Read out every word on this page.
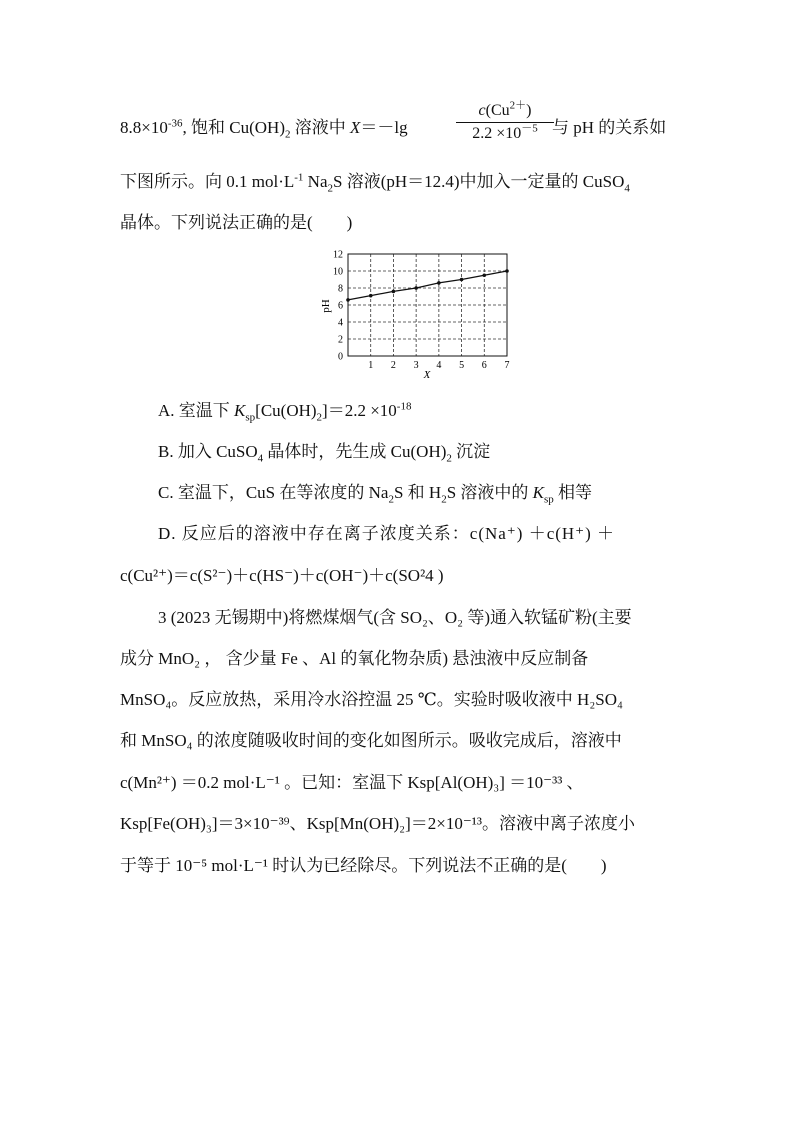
$8.8\times 10^{-36}$, 饱和 $Cu(OH)_2$ 溶液中 X＝－lg
$c(Cu^{2+})$
$2.2 \times 10^{-5}$ 与 pH 的关系如
下图所示。向 0.1 $mol\cdot L^{-1}$ $Na_2S$ 溶液(pH＝12.4)中加入一定量的 CuSO$_4$
晶体。下列说法正确的是(　　)
1 2 3 4 5 6 7
0
2
4
6
8
10
12
X
pH
A. 室温下 $K_{sp}[Cu(OH)_2]=2.2 \times 10^{-18}$
B. 加入 CuSO$_4$ 晶体时，先生成 $Cu(OH)_2$ 沉淀
C. 室温下，CuS 在等浓度的 $Na_2S$ 和 $H_2S$ 溶液中的 $K_{sp}$ 相等
D. 反应后的溶液中存在离子浓度关系：c(Na⁺) ＋c(H⁺) ＋
c(Cu²⁺)＝c(S²⁻)＋c(HS⁻)＋c(OH⁻)＋c(SO²4 )
3 (2023 无锡期中)将燃煤烟气(含 SO₂、O₂ 等)通入软锰矿粉(主要
成分 MnO₂ ， 含少量 Fe 、Al 的氧化物杂质) 悬浊液中反应制备
MnSO₄。反应放热，采用冷水浴控温 25 ℃。实验时吸收液中 H₂SO₄
和 MnSO₄ 的浓度随吸收时间的变化如图所示。吸收完成后，溶液中
c(Mn²⁺) ＝0.2 mol·L⁻¹ 。已知：室温下 Ksp[Al(OH)₃] ＝10⁻³³ 、
Ksp[Fe(OH)₃]＝3×10⁻³⁹、Ksp[Mn(OH)₂]＝2×10⁻¹³。溶液中离子浓度小
于等于 10⁻⁵ mol·L⁻¹ 时认为已经除尽。下列说法不正确的是(　　)
